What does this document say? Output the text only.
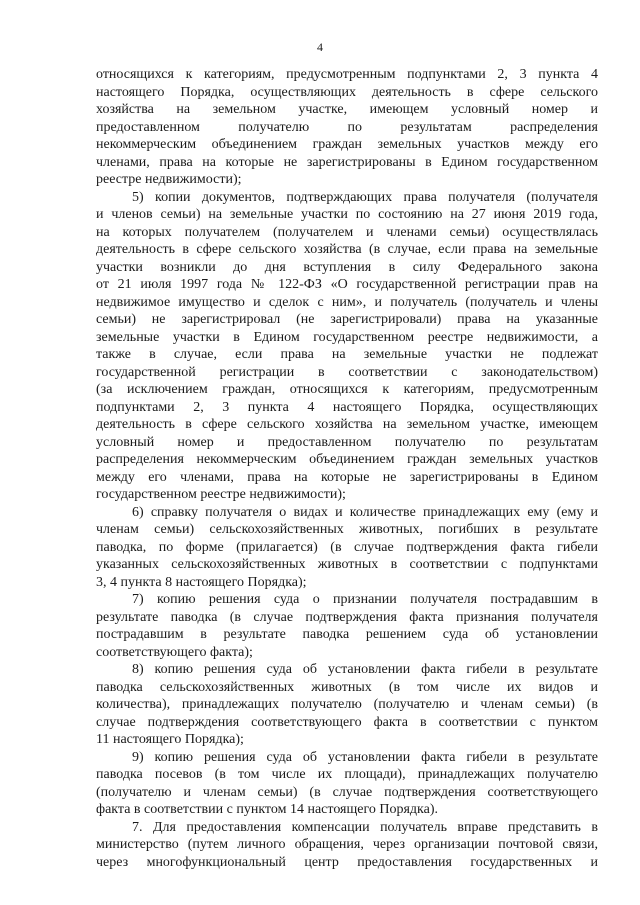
4
относящихся к категориям, предусмотренным подпунктами 2, 3 пункта 4
настоящего Порядка, осуществляющих деятельность в сфере сельского
хозяйства на земельном участке, имеющем условный номер и
предоставленном получателю по результатам распределения
некоммерческим объединением граждан земельных участков между его
членами, права на которые не зарегистрированы в Едином государственном
реестре недвижимости);
5) копии документов, подтверждающих права получателя (получателя
и членов семьи) на земельные участки по состоянию на 27 июня 2019 года,
на которых получателем (получателем и членами семьи) осуществлялась
деятельность в сфере сельского хозяйства (в случае, если права на земельные
участки возникли до дня вступления в силу Федерального закона
от 21 июля 1997 года № 122-ФЗ «О государственной регистрации прав на
недвижимое имущество и сделок с ним», и получатель (получатель и члены
семьи) не зарегистрировал (не зарегистрировали) права на указанные
земельные участки в Едином государственном реестре недвижимости, а
также в случае, если права на земельные участки не подлежат
государственной регистрации в соответствии с законодательством)
(за исключением граждан, относящихся к категориям, предусмотренным
подпунктами 2, 3 пункта 4 настоящего Порядка, осуществляющих
деятельность в сфере сельского хозяйства на земельном участке, имеющем
условный номер и предоставленном получателю по результатам
распределения некоммерческим объединением граждан земельных участков
между его членами, права на которые не зарегистрированы в Едином
государственном реестре недвижимости);
6) справку получателя о видах и количестве принадлежащих ему (ему и
членам семьи) сельскохозяйственных животных, погибших в результате
паводка, по форме (прилагается) (в случае подтверждения факта гибели
указанных сельскохозяйственных животных в соответствии с подпунктами
3, 4 пункта 8 настоящего Порядка);
7) копию решения суда о признании получателя пострадавшим в
результате паводка (в случае подтверждения факта признания получателя
пострадавшим в результате паводка решением суда об установлении
соответствующего факта);
8) копию решения суда об установлении факта гибели в результате
паводка сельскохозяйственных животных (в том числе их видов и
количества), принадлежащих получателю (получателю и членам семьи) (в
случае подтверждения соответствующего факта в соответствии с пунктом
11 настоящего Порядка);
9) копию решения суда об установлении факта гибели в результате
паводка посевов (в том числе их площади), принадлежащих получателю
(получателю и членам семьи) (в случае подтверждения соответствующего
факта в соответствии с пунктом 14 настоящего Порядка).
7. Для предоставления компенсации получатель вправе представить в
министерство (путем личного обращения, через организации почтовой связи,
через многофункциональный центр предоставления государственных и
